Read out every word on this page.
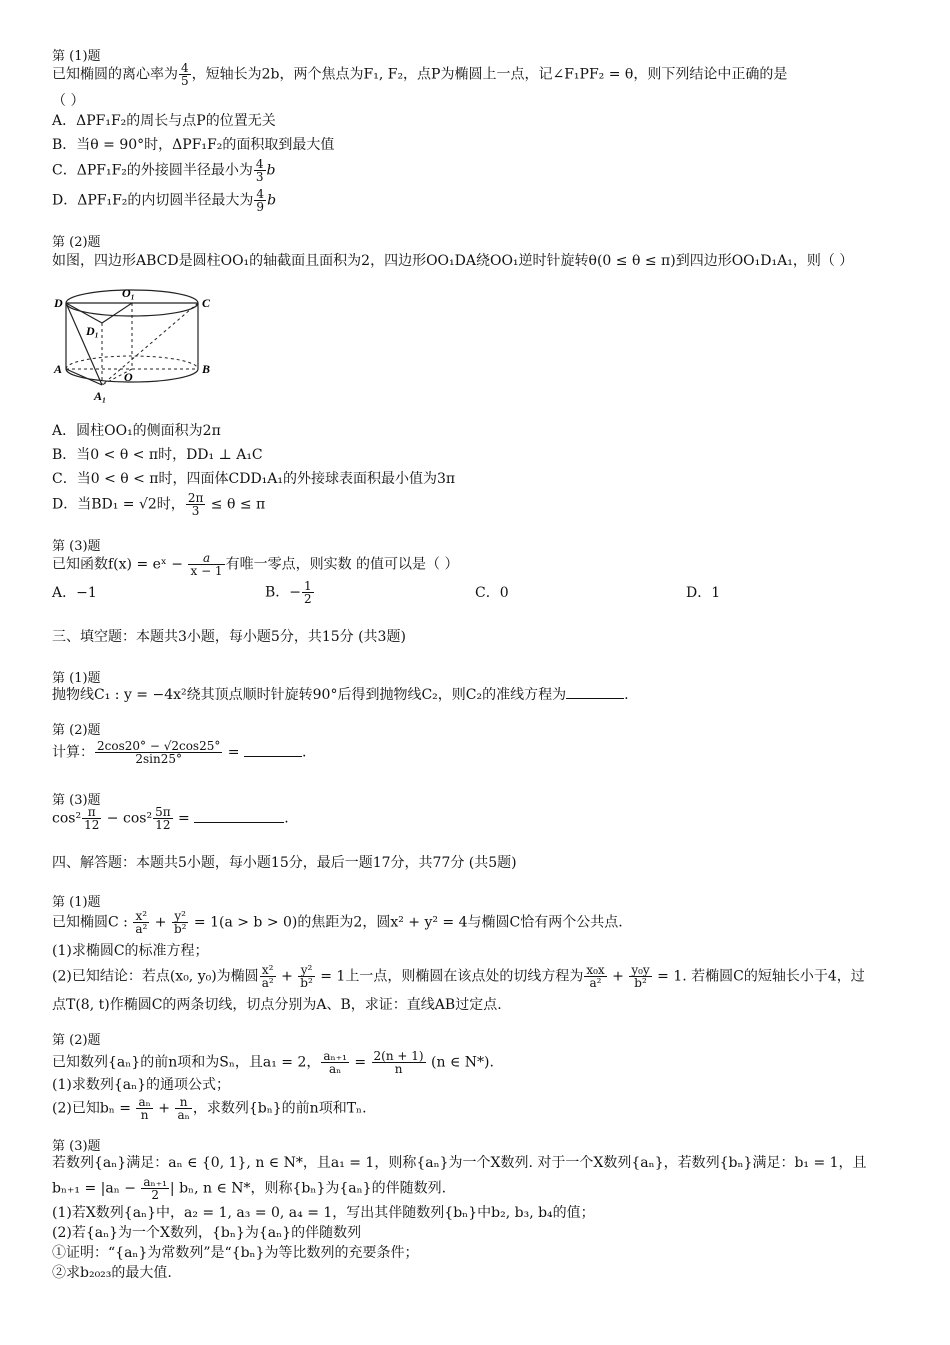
第 (1)题
已知椭圆的离心率为 $\frac{4}{5}$ ，短轴长为2b，两个焦点为F₁, F₂，点P为椭圆上一点，记∠F₁PF₂ = θ，则下列结论中正确的是
（ ）
A．ΔPF₁F₂的周长与点P的位置无关
B．当θ = 90°时，ΔPF₁F₂的面积取到最大值
C．ΔPF₁F₂的外接圆半径最小为 $\frac{4}{3}$ b
D．ΔPF₁F₂的内切圆半径最大为 $\frac{4}{9}$ b
第 (2)题
如图，四边形ABCD是圆柱OO₁的轴截面且面积为2，四边形OO₁DA绕OO₁逆时针旋转θ(0 ≤ θ ≤ π)到四边形OO₁D₁A₁，则（ ）
D
O₁
C
D₁
A
O
B
A₁
A．圆柱OO₁的侧面积为2π
B．当0 < θ < π时，DD₁ ⊥ A₁C
C．当0 < θ < π时，四面体CDD₁A₁的外接球表面积最小值为3π
D．当BD₁ = √2时， $\frac{2\pi}{3} \le \theta \le \pi$
第 (3)题
已知函数f(x) = eˣ − $\frac{a}{x - 1}$ 有唯一零点，则实数 的值可以是（ ）
A．−1	B．− $\frac{1}{2}$	C．0	D．1
三、填空题：本题共3小题，每小题5分，共15分 (共3题)
第 (1)题
抛物线C₁ : y = −4x²绕其顶点顺时针旋转90°后得到抛物线C₂，则C₂的准线方程为	.
第 (2)题
计算： $\frac{2\cos 20^\circ - √2\cos 25^\circ}{2\sin 25^\circ}$ =	.
第 (3)题
$\cos^2 \frac{\pi}{12} - \cos^2 \frac{5\pi}{12}$ =	.
四、解答题：本题共5小题，每小题15分，最后一题17分，共77分 (共5题)
第 (1)题
已知椭圆C : $\frac{\text{x²}}{\text{a²}} + \frac{\text{y²}}{\text{b²}} = 1(a > b > 0)$的焦距为2，圆x² + y² = 4与椭圆C恰有两个公共点.
(1)求椭圆C的标准方程；
(2)已知结论：若点(x₀, y₀)为椭圆 $\frac{\text{x²}}{\text{a²}} + \frac{\text{y²}}{\text{b²}} = 1$上一点，则椭圆在该点处的切线方程为 $\frac{\text{x₀x}}{\text{a²}} + \frac{\text{y₀y}}{\text{b²}} = 1$. 若椭圆C的短轴长小于4，过
点T(8, t)作椭圆C的两条切线，切点分别为A、B，求证：直线AB过定点.
第 (2)题
已知数列{aₙ}的前n项和为Sₙ，且a₁ = 2， $\frac{\text{aₙ₊₁}}{\text{aₙ}} = \frac{2(n + 1)}{n} (n$ ∈ N*).
(1)求数列{aₙ}的通项公式；
(2)已知$b_n = \frac{\text{aₙ}}{n} + \frac{n}{\text{aₙ}}$ ，求数列{bₙ}的前n项和Tₙ.
第 (3)题
若数列{aₙ}满足：aₙ ∈ {0, 1}, n ∈ N*，且a₁ = 1，则称{aₙ}为一个X数列. 对于一个X数列{aₙ}，若数列{bₙ}满足：b₁ = 1，且
$b_{n+1} = |a_n - \frac{\text{aₙ₊₁}}{2}$ | bₙ, n ∈ N*，则称{bₙ}为{aₙ}的伴随数列.
(1)若X数列{aₙ}中，a₂ = 1, a₃ = 0, a₄ = 1，写出其伴随数列{bₙ}中b₂, b₃, b₄的值；
(2)若{aₙ}为一个X数列，{bₙ}为{aₙ}的伴随数列
①证明：“{aₙ}为常数列”是“{bₙ}为等比数列的充要条件；
②求b₂₀₂₃的最大值.
